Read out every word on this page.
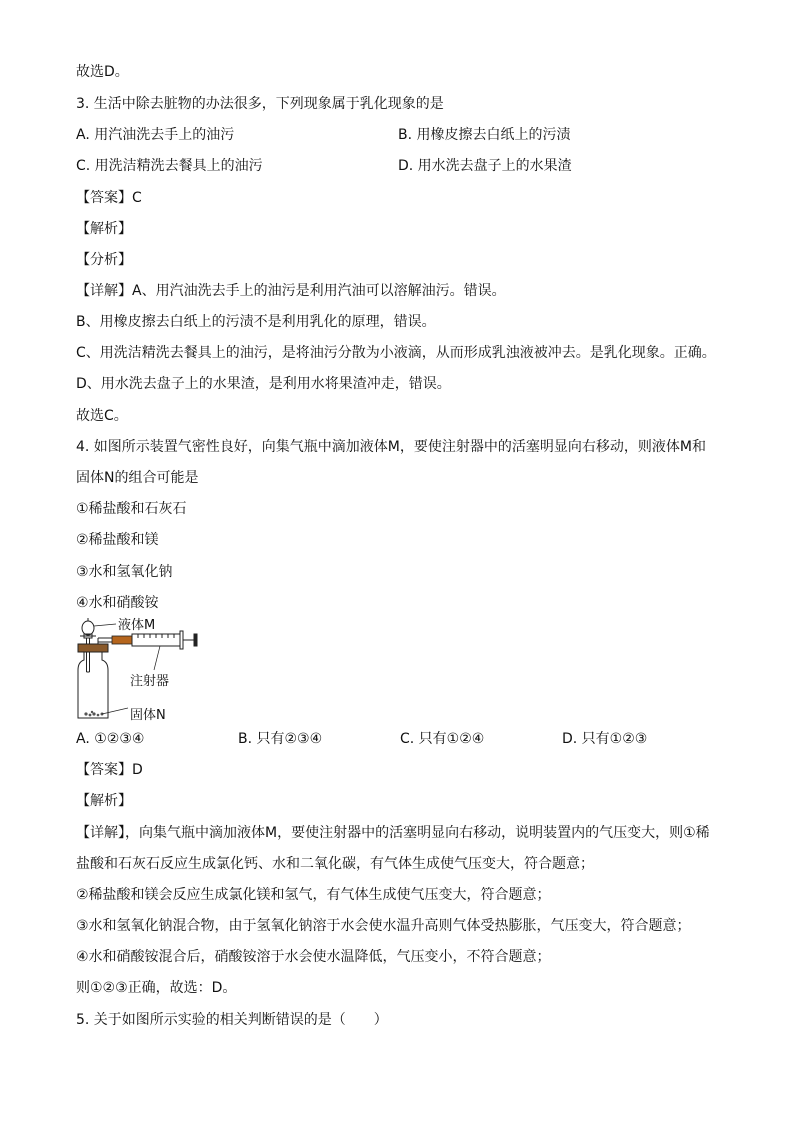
故选D。
3. 生活中除去脏物的办法很多，下列现象属于乳化现象的是
A. 用汽油洗去手上的油污	B. 用橡皮擦去白纸上的污渍
C. 用洗洁精洗去餐具上的油污	D. 用水洗去盘子上的水果渣
【答案】C
【解析】
【分析】
【详解】A、用汽油洗去手上的油污是利用汽油可以溶解油污。错误。
B、用橡皮擦去白纸上的污渍不是利用乳化的原理，错误。
C、用洗洁精洗去餐具上的油污，是将油污分散为小液滴，从而形成乳浊液被冲去。是乳化现象。正确。
D、用水洗去盘子上的水果渣，是利用水将果渣冲走，错误。
故选C。
4. 如图所示装置气密性良好，向集气瓶中滴加液体M，要使注射器中的活塞明显向右移动，则液体M和
固体N的组合可能是
①稀盐酸和石灰石
②稀盐酸和镁
③水和氢氧化钠
④水和硝酸铵
液体M
注射器
固体N
A. ①②③④	B. 只有②③④	C. 只有①②④	D. 只有①②③
【答案】D
【解析】
【详解】，向集气瓶中滴加液体M，要使注射器中的活塞明显向右移动，说明装置内的气压变大，则①稀
盐酸和石灰石反应生成氯化钙、水和二氧化碳，有气体生成使气压变大，符合题意；
②稀盐酸和镁会反应生成氯化镁和氢气，有气体生成使气压变大，符合题意；
③水和氢氧化钠混合物，由于氢氧化钠溶于水会使水温升高则气体受热膨胀，气压变大，符合题意；
④水和硝酸铵混合后，硝酸铵溶于水会使水温降低，气压变小，不符合题意；
则①②③正确，故选：D。
5. 关于如图所示实验的相关判断错误的是（　　）
